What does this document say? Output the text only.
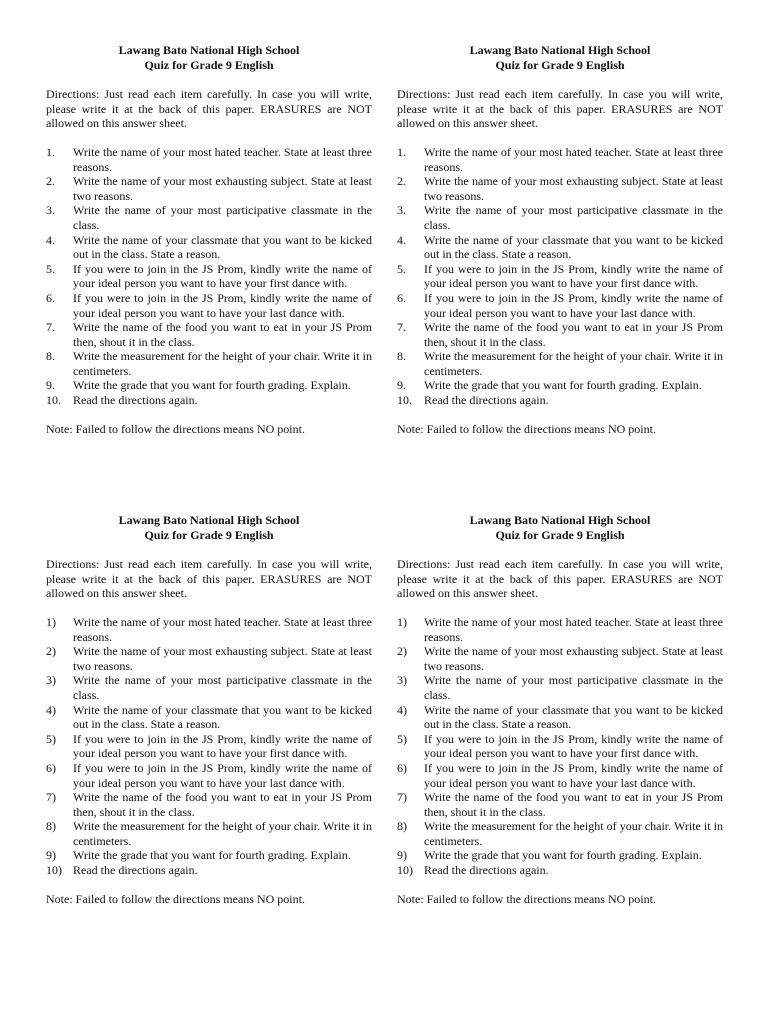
Lawang Bato National High School
Quiz for Grade 9 English
Directions: Just read each item carefully. In case you will write, please write it at the back of this paper. ERASURES are NOT allowed on this answer sheet.
1.	Write the name of your most hated teacher. State at least three reasons.
2.	Write the name of your most exhausting subject. State at least two reasons.
3.	Write the name of your most participative classmate in the class.
4.	Write the name of your classmate that you want to be kicked out in the class. State a reason.
5.	If you were to join in the JS Prom, kindly write the name of your ideal person you want to have your first dance with.
6.	If you were to join in the JS Prom, kindly write the name of your ideal person you want to have your last dance with.
7.	Write the name of the food you want to eat in your JS Prom then, shout it in the class.
8.	Write the measurement for the height of your chair. Write it in centimeters.
9.	Write the grade that you want for fourth grading. Explain.
10.	Read the directions again.
Note: Failed to follow the directions means NO point.
Lawang Bato National High School
Quiz for Grade 9 English
Directions: Just read each item carefully. In case you will write, please write it at the back of this paper. ERASURES are NOT allowed on this answer sheet.
1.	Write the name of your most hated teacher. State at least three reasons.
2.	Write the name of your most exhausting subject. State at least two reasons.
3.	Write the name of your most participative classmate in the class.
4.	Write the name of your classmate that you want to be kicked out in the class. State a reason.
5.	If you were to join in the JS Prom, kindly write the name of your ideal person you want to have your first dance with.
6.	If you were to join in the JS Prom, kindly write the name of your ideal person you want to have your last dance with.
7.	Write the name of the food you want to eat in your JS Prom then, shout it in the class.
8.	Write the measurement for the height of your chair. Write it in centimeters.
9.	Write the grade that you want for fourth grading. Explain.
10.	Read the directions again.
Note: Failed to follow the directions means NO point.
Lawang Bato National High School
Quiz for Grade 9 English
Directions: Just read each item carefully. In case you will write, please write it at the back of this paper. ERASURES are NOT allowed on this answer sheet.
1)	Write the name of your most hated teacher. State at least three reasons.
2)	Write the name of your most exhausting subject. State at least two reasons.
3)	Write the name of your most participative classmate in the class.
4)	Write the name of your classmate that you want to be kicked out in the class. State a reason.
5)	If you were to join in the JS Prom, kindly write the name of your ideal person you want to have your first dance with.
6)	If you were to join in the JS Prom, kindly write the name of your ideal person you want to have your last dance with.
7)	Write the name of the food you want to eat in your JS Prom then, shout it in the class.
8)	Write the measurement for the height of your chair. Write it in centimeters.
9)	Write the grade that you want for fourth grading. Explain.
10) Read the directions again.
Note: Failed to follow the directions means NO point.
Lawang Bato National High School
Quiz for Grade 9 English
Directions: Just read each item carefully. In case you will write, please write it at the back of this paper. ERASURES are NOT allowed on this answer sheet.
1)	Write the name of your most hated teacher. State at least three reasons.
2)	Write the name of your most exhausting subject. State at least two reasons.
3)	Write the name of your most participative classmate in the class.
4)	Write the name of your classmate that you want to be kicked out in the class. State a reason.
5)	If you were to join in the JS Prom, kindly write the name of your ideal person you want to have your first dance with.
6)	If you were to join in the JS Prom, kindly write the name of your ideal person you want to have your last dance with.
7)	Write the name of the food you want to eat in your JS Prom then, shout it in the class.
8)	Write the measurement for the height of your chair. Write it in centimeters.
9)	Write the grade that you want for fourth grading. Explain.
10) Read the directions again.
Note: Failed to follow the directions means NO point.
